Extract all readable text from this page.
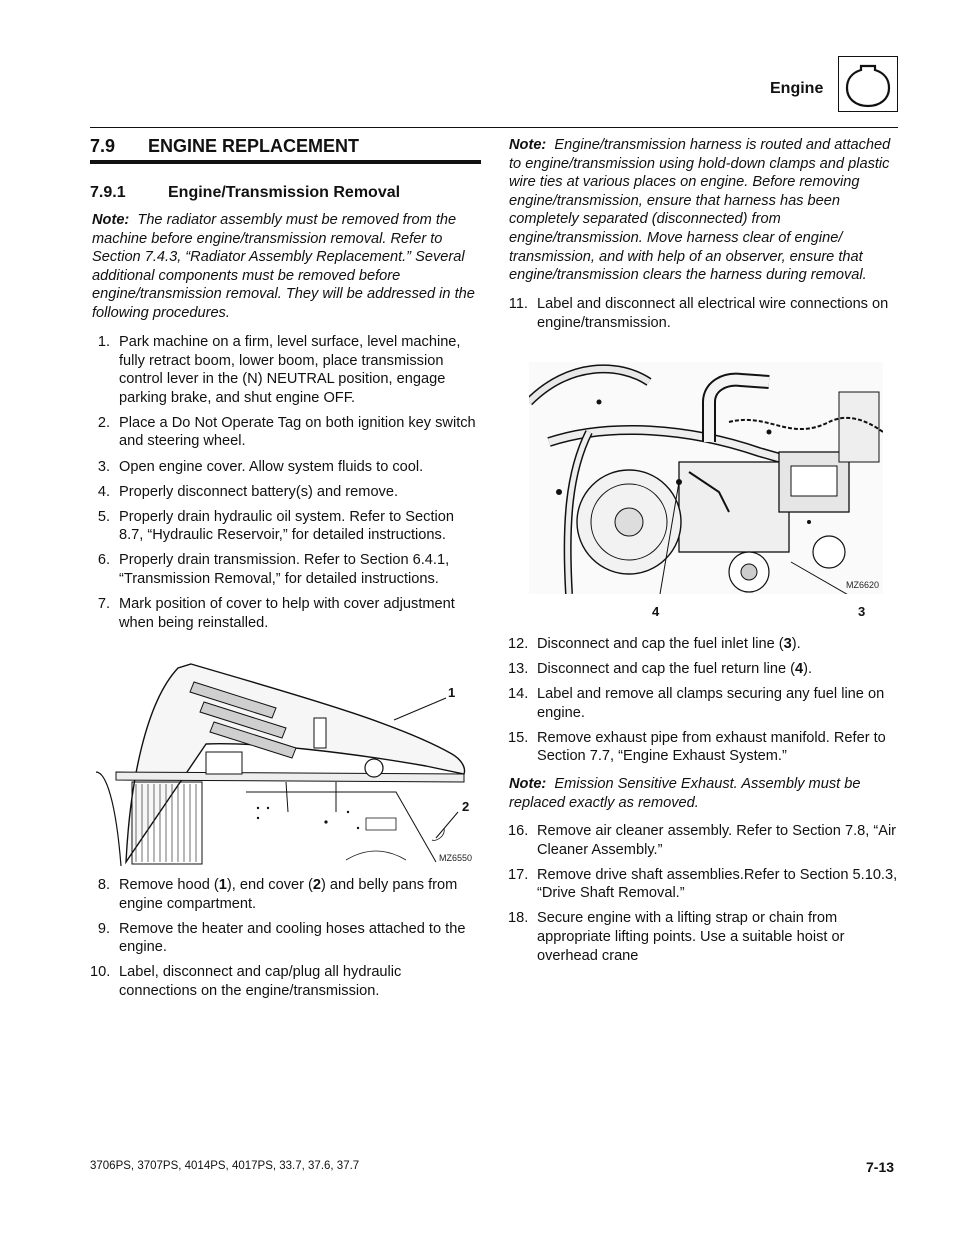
Engine
7.9 ENGINE REPLACEMENT
7.9.1	Engine/Transmission Removal
Note: The radiator assembly must be removed from the machine before engine/transmission removal. Refer to Section 7.4.3, “Radiator Assembly Replacement.” Several additional components must be removed before engine/transmission removal. They will be addressed in the following procedures.
1. Park machine on a firm, level surface, level machine, fully retract boom, lower boom, place transmission control lever in the (N) NEUTRAL position, engage parking brake, and shut engine OFF.
2. Place a Do Not Operate Tag on both ignition key switch and steering wheel.
3. Open engine cover. Allow system fluids to cool.
4. Properly disconnect battery(s) and remove.
5. Properly drain hydraulic oil system. Refer to Section 8.7, “Hydraulic Reservoir,” for detailed instructions.
6. Properly drain transmission. Refer to Section 6.4.1, “Transmission Removal,” for detailed instructions.
7. Mark position of cover to help with cover adjustment when being reinstalled.
1
2
MZ6550
8. Remove hood (1), end cover (2) and belly pans from engine compartment.
9. Remove the heater and cooling hoses attached to the engine.
10. Label, disconnect and cap/plug all hydraulic connections on the engine/transmission.
Note: Engine/transmission harness is routed and attached to engine/transmission using hold-down clamps and plastic wire ties at various places on engine. Before removing engine/transmission, ensure that harness has been completely separated (disconnected) from engine/transmission. Move harness clear of engine/ transmission, and with help of an observer, ensure that engine/transmission clears the harness during removal.
11. Label and disconnect all electrical wire connections on engine/transmission.
MZ6620
4	3
12. Disconnect and cap the fuel inlet line (3).
13. Disconnect and cap the fuel return line (4).
14. Label and remove all clamps securing any fuel line on engine.
15. Remove exhaust pipe from exhaust manifold. Refer to Section 7.7, “Engine Exhaust System.”
Note: Emission Sensitive Exhaust. Assembly must be replaced exactly as removed.
16. Remove air cleaner assembly. Refer to Section 7.8, “Air Cleaner Assembly.”
17. Remove drive shaft assemblies.Refer to Section 5.10.3, “Drive Shaft Removal.”
18. Secure engine with a lifting strap or chain from appropriate lifting points. Use a suitable hoist or overhead crane
3706PS, 3707PS, 4014PS, 4017PS, 33.7, 37.6, 37.7	7-13
